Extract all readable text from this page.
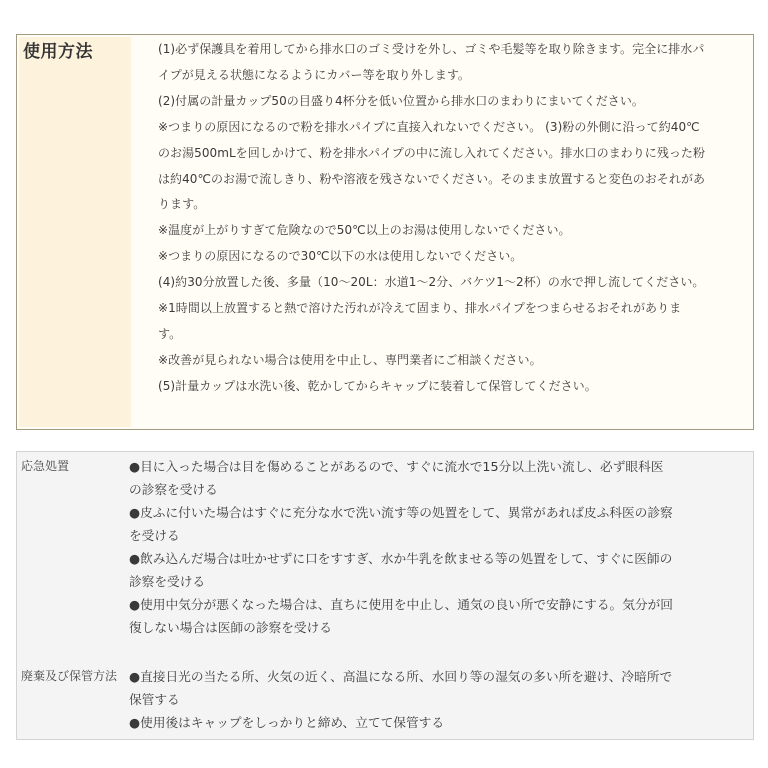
使用方法	(1)必ず保護具を着用してから排水口のゴミ受けを外し、ゴミや毛髪等を取り除きます。完全に排水パ
イプが見える状態になるようにカバー等を取り外します。
(2)付属の計量カップ50の目盛り4杯分を低い位置から排水口のまわりにまいてください。
※つまりの原因になるので粉を排水パイプに直接入れないでください。 (3)粉の外側に沿って約40℃
のお湯500mLを回しかけて、粉を排水パイプの中に流し入れてください。排水口のまわりに残った粉
は約40℃のお湯で流しきり、粉や溶液を残さないでください。そのまま放置すると変色のおそれがあ
ります。
※温度が上がりすぎて危険なので50℃以上のお湯は使用しないでください。
※つまりの原因になるので30℃以下の水は使用しないでください。
(4)約30分放置した後、多量（10～20L：水道1～2分、バケツ1～2杯）の水で押し流してください。
※1時間以上放置すると熱で溶けた汚れが冷えて固まり、排水パイプをつまらせるおそれがありま
す。
※改善が見られない場合は使用を中止し、専門業者にご相談ください。
(5)計量カップは水洗い後、乾かしてからキャップに装着して保管してください。
応急処置	●目に入った場合は目を傷めることがあるので、すぐに流水で15分以上洗い流し、必ず眼科医
の診察を受ける
●皮ふに付いた場合はすぐに充分な水で洗い流す等の処置をして、異常があれば皮ふ科医の診察
を受ける
●飲み込んだ場合は吐かせずに口をすすぎ、水か牛乳を飲ませる等の処置をして、すぐに医師の
診察を受ける
●使用中気分が悪くなった場合は、直ちに使用を中止し、通気の良い所で安静にする。気分が回
復しない場合は医師の診察を受ける
廃棄及び保管方法 ●直接日光の当たる所、火気の近く、高温になる所、水回り等の湿気の多い所を避け、冷暗所で
保管する
●使用後はキャップをしっかりと締め、立てて保管する
